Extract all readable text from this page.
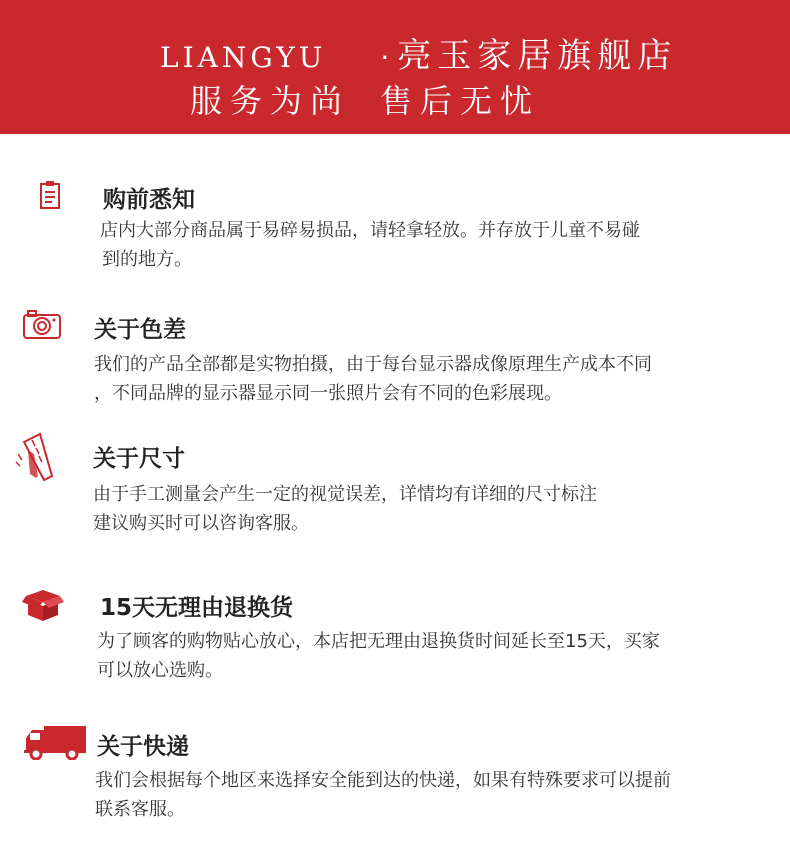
LIANGYU · 亮玉家居旗舰店
服务为尚 售后无忧
购前悉知
店内大部分商品属于易碎易损品，请轻拿轻放。并存放于儿童不易碰
到的地方。
关于色差
我们的产品全部都是实物拍摄，由于每台显示器成像原理生产成本不同
，不同品牌的显示器显示同一张照片会有不同的色彩展现。
关于尺寸
由于手工测量会产生一定的视觉误差，详情均有详细的尺寸标注
建议购买时可以咨询客服。
15天无理由退换货
为了顾客的购物贴心放心，本店把无理由退换货时间延长至15天，买家
可以放心选购。
关于快递
我们会根据每个地区来选择安全能到达的快递，如果有特殊要求可以提前
联系客服。
